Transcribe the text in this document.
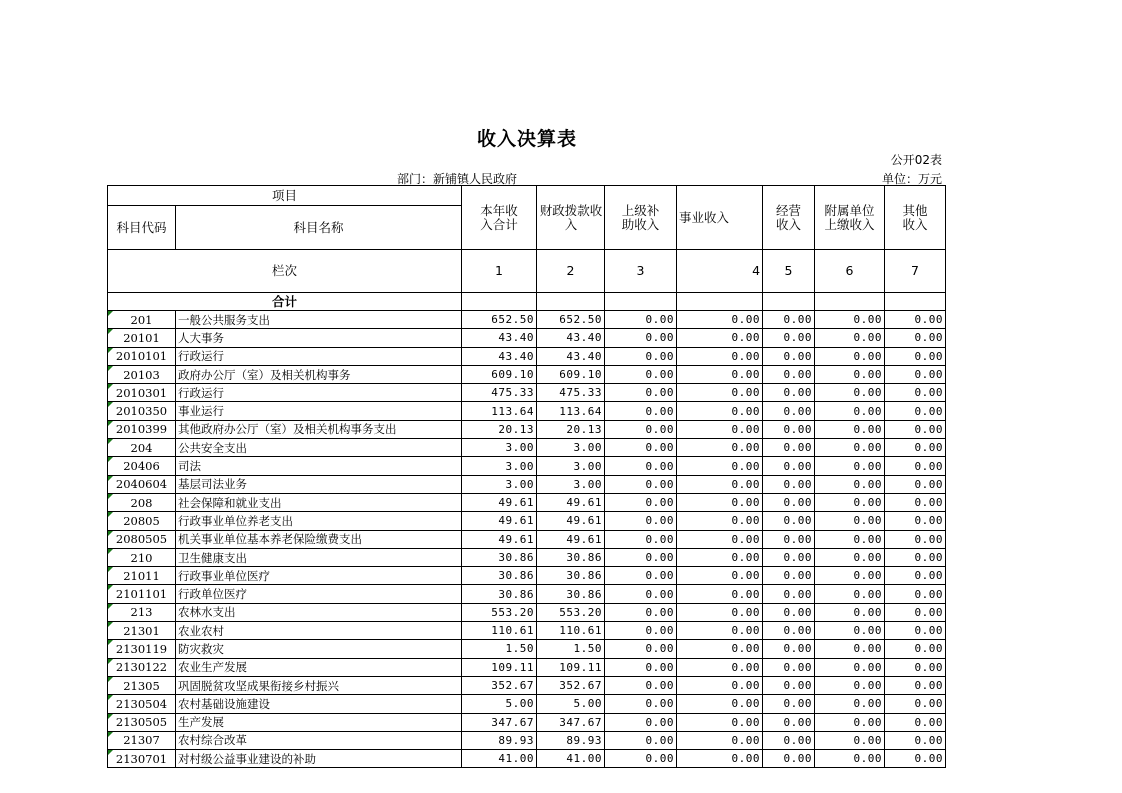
收入决算表
公开02表
部门：新铺镇人民政府	单位：万元
项目		本年收入合计	财政拨款收入	上级补助收入	事业收入	经营收入	附属单位上缴收入	其他收入

科目代码	科目名称							
栏次		1	2	3	4	5	6	7
合计								

201	一般公共服务支出	652.50	652.50	0.00	0.00	0.00	0.00	0.00

20101	人大事务	43.40	43.40	0.00	0.00	0.00	0.00	0.00

2010101	行政运行	43.40	43.40	0.00	0.00	0.00	0.00	0.00

20103	政府办公厅（室）及相关机构事务	609.10	609.10	0.00	0.00	0.00	0.00	0.00

2010301	行政运行	475.33	475.33	0.00	0.00	0.00	0.00	0.00

2010350	事业运行	113.64	113.64	0.00	0.00	0.00	0.00	0.00

2010399	其他政府办公厅（室）及相关机构事务支出	20.13	20.13	0.00	0.00	0.00	0.00	0.00

204	公共安全支出	3.00	3.00	0.00	0.00	0.00	0.00	0.00

20406	司法	3.00	3.00	0.00	0.00	0.00	0.00	0.00

2040604	基层司法业务	3.00	3.00	0.00	0.00	0.00	0.00	0.00

208	社会保障和就业支出	49.61	49.61	0.00	0.00	0.00	0.00	0.00

20805	行政事业单位养老支出	49.61	49.61	0.00	0.00	0.00	0.00	0.00

2080505	机关事业单位基本养老保险缴费支出	49.61	49.61	0.00	0.00	0.00	0.00	0.00

210	卫生健康支出	30.86	30.86	0.00	0.00	0.00	0.00	0.00

21011	行政事业单位医疗	30.86	30.86	0.00	0.00	0.00	0.00	0.00

2101101	行政单位医疗	30.86	30.86	0.00	0.00	0.00	0.00	0.00

213	农林水支出	553.20	553.20	0.00	0.00	0.00	0.00	0.00

21301	农业农村	110.61	110.61	0.00	0.00	0.00	0.00	0.00

2130119	防灾救灾	1.50	1.50	0.00	0.00	0.00	0.00	0.00

2130122	农业生产发展	109.11	109.11	0.00	0.00	0.00	0.00	0.00

21305	巩固脱贫攻坚成果衔接乡村振兴	352.67	352.67	0.00	0.00	0.00	0.00	0.00

2130504	农村基础设施建设	5.00	5.00	0.00	0.00	0.00	0.00	0.00

2130505	生产发展	347.67	347.67	0.00	0.00	0.00	0.00	0.00

21307	农村综合改革	89.93	89.93	0.00	0.00	0.00	0.00	0.00

2130701	对村级公益事业建设的补助	41.00	41.00	0.00	0.00	0.00	0.00	0.00
